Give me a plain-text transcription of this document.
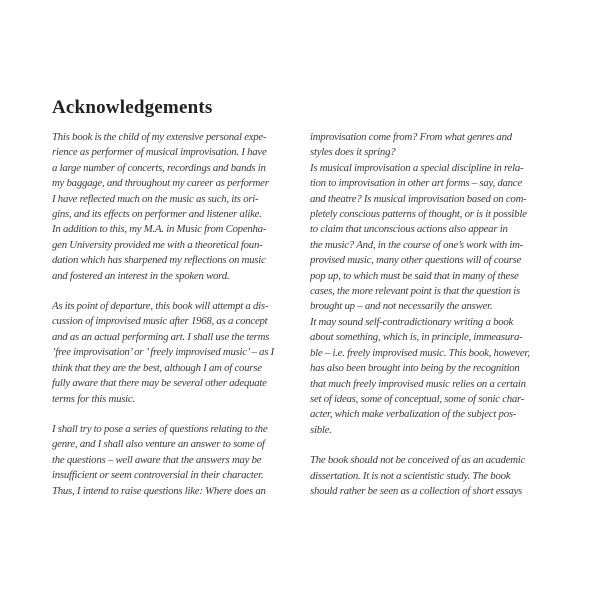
Acknowledgements
This book is the child of my extensive personal expe-
rience as performer of musical improvisation. I have
a large number of concerts, recordings and bands in
my baggage, and throughout my career as performer
I have reflected much on the music as such, its ori-
gins, and its effects on performer and listener alike.
In addition to this, my M.A. in Music from Copenha-
gen University provided me with a theoretical foun-
dation which has sharpened my reflections on music
and fostered an interest in the spoken word.
As its point of departure, this book will attempt a dis-
cussion of improvised music after 1968, as a concept
and as an actual performing art. I shall use the terms
’free improvisation’ or ’ freely improvised music’ – as I
think that they are the best, although I am of course
fully aware that there may be several other adequate
terms for this music.
I shall try to pose a series of questions relating to the
genre, and I shall also venture an answer to some of
the questions – well aware that the answers may be
insufficient or seem controversial in their character.
Thus, I intend to raise questions like: Where does an
improvisation come from? From what genres and
styles does it spring?
Is musical improvisation a special discipline in rela-
tion to improvisation in other art forms – say, dance
and theatre? Is musical improvisation based on com-
pletely conscious patterns of thought, or is it possible
to claim that unconscious actions also appear in
the music? And, in the course of one’s work with im-
provised music, many other questions will of course
pop up, to which must be said that in many of these
cases, the more relevant point is that the question is
brought up – and not necessarily the answer.
It may sound self-contradictionary writing a book
about something, which is, in principle, immeasura-
ble – i.e. freely improvised music. This book, however,
has also been brought into being by the recognition
that much freely improvised music relies on a certain
set of ideas, some of conceptual, some of sonic char-
acter, which make verbalization of the subject pos-
sible.
The book should not be conceived of as an academic
dissertation. It is not a scientistic study. The book
should rather be seen as a collection of short essays
